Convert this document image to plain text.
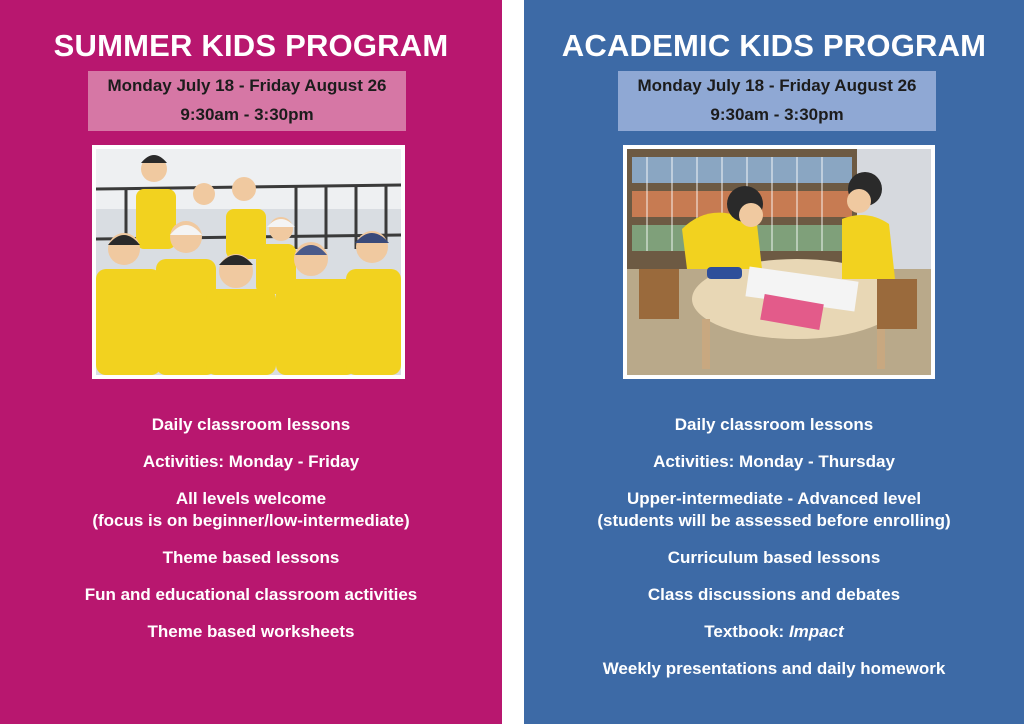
SUMMER KIDS PROGRAM
Monday July 18 - Friday August 26
9:30am - 3:30pm
Daily classroom lessons
Activities: Monday - Friday
All levels welcome
(focus is on beginner/low-intermediate)
Theme based lessons
Fun and educational classroom activities
Theme based worksheets
ACADEMIC KIDS PROGRAM
Monday July 18 - Friday August 26
9:30am - 3:30pm
Daily classroom lessons
Activities: Monday - Thursday
Upper-intermediate - Advanced level
(students will be assessed before enrolling)
Curriculum based lessons
Class discussions and debates
Textbook: Impact
Weekly presentations and daily homework
